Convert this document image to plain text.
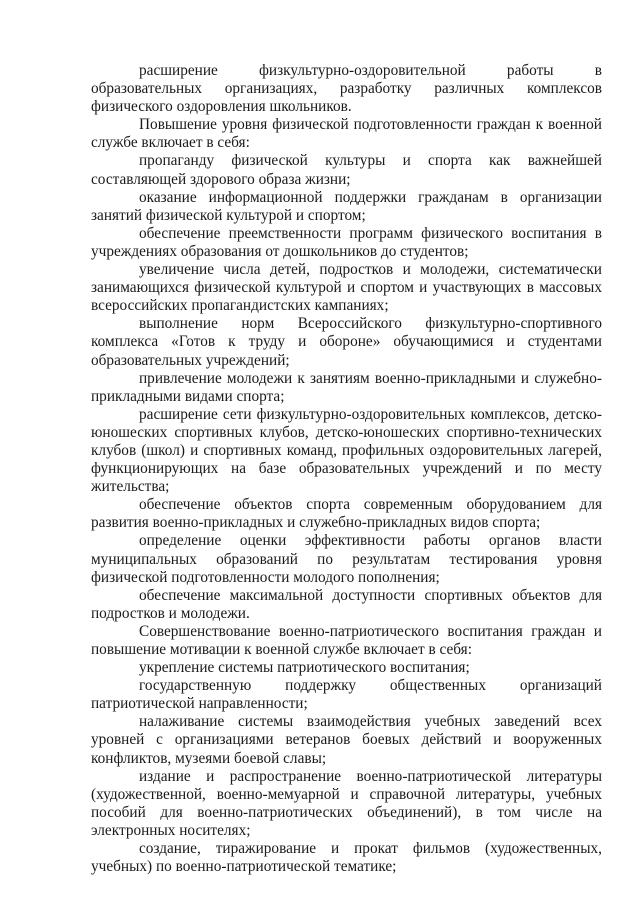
расширение физкультурно-оздоровительной работы в образовательных организациях, разработку различных комплексов физического оздоровления школьников.

Повышение уровня физической подготовленности граждан к военной службе включает в себя:

пропаганду физической культуры и спорта как важнейшей составляющей здорового образа жизни;

оказание информационной поддержки гражданам в организации занятий физической культурой и спортом;

обеспечение преемственности программ физического воспитания в учреждениях образования от дошкольников до студентов;

увеличение числа детей, подростков и молодежи, систематически занимающихся физической культурой и спортом и участвующих в массовых всероссийских пропагандистских кампаниях;

выполнение норм Всероссийского физкультурно-спортивного комплекса «Готов к труду и обороне» обучающимися и студентами образовательных учреждений;

привлечение молодежи к занятиям военно-прикладными и служебно-прикладными видами спорта;

расширение сети физкультурно-оздоровительных комплексов, детско-юношеских спортивных клубов, детско-юношеских спортивно-технических клубов (школ) и спортивных команд, профильных оздоровительных лагерей, функционирующих на базе образовательных учреждений и по месту жительства;

обеспечение объектов спорта современным оборудованием для развития военно-прикладных и служебно-прикладных видов спорта;

определение оценки эффективности работы органов власти муниципальных образований по результатам тестирования уровня физической подготовленности молодого пополнения;

обеспечение максимальной доступности спортивных объектов для подростков и молодежи.

Совершенствование военно-патриотического воспитания граждан и повышение мотивации к военной службе включает в себя:

укрепление системы патриотического воспитания;

государственную поддержку общественных организаций патриотической направленности;

налаживание системы взаимодействия учебных заведений всех уровней с организациями ветеранов боевых действий и вооруженных конфликтов, музеями боевой славы;

издание и распространение военно-патриотической литературы (художественной, военно-мемуарной и справочной литературы, учебных пособий для военно-патриотических объединений), в том числе на электронных носителях;

создание, тиражирование и прокат фильмов (художественных, учебных) по военно-патриотической тематике;
